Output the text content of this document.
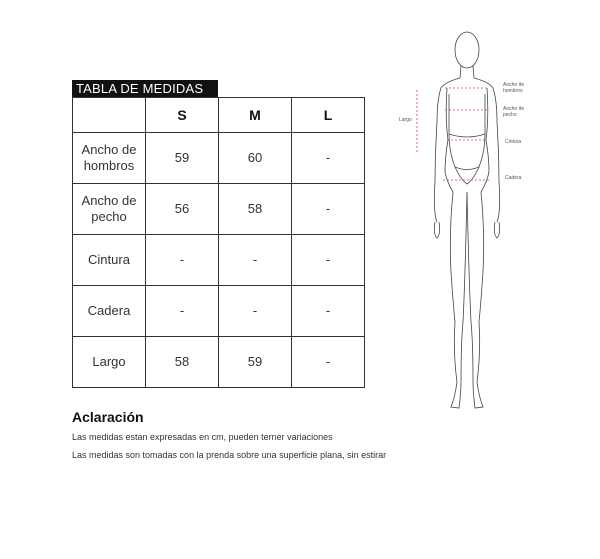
TABLA DE MEDIDAS
	S	M	L
Ancho de
hombros	59	60	-
Ancho de
pecho	56	58	-
Cintura	-	-	-
Cadera	-	-	-
Largo	58	59	-
Aclaración
Las medidas estan expresadas en cm, pueden terner variaciones
Las medidas son tomadas con la prenda sobre una superficie plana, sin estirar
Largo
Ancho de
hombros
Ancho de
pecho
Cintura
Cadera
